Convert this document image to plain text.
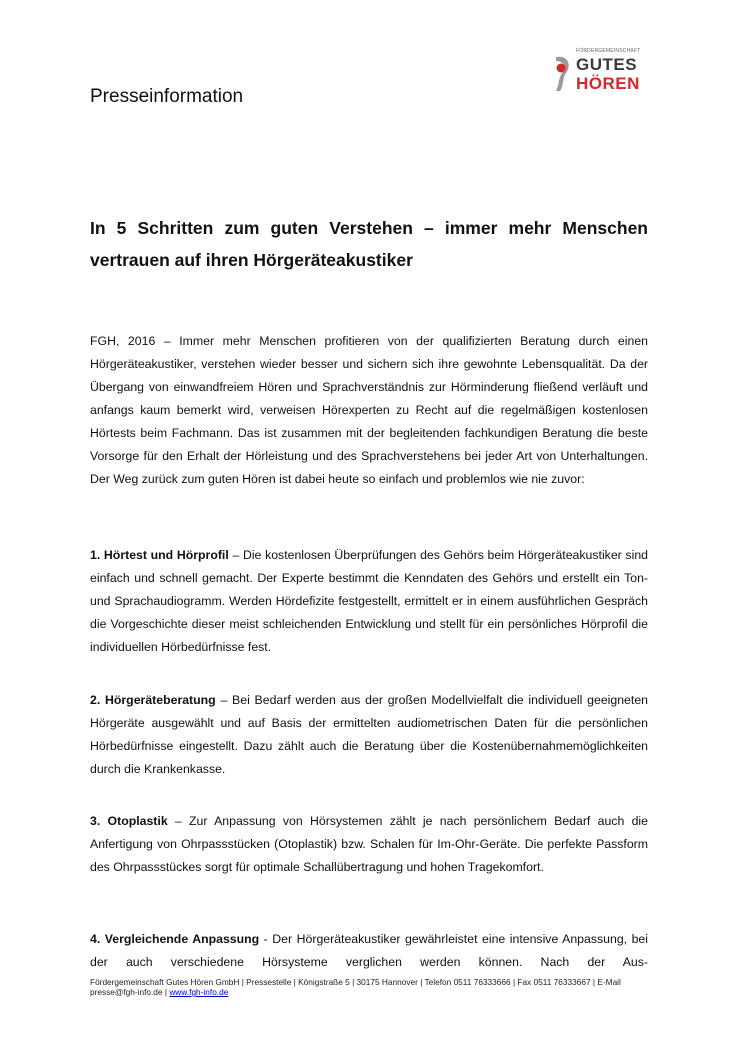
Presseinformation
FÖRDERGEMEINSCHAFT
GUTES
HÖREN
In 5 Schritten zum guten Verstehen – immer mehr Menschen vertrauen auf ihren Hörgeräteakustiker

FGH, 2016 – Immer mehr Menschen profitieren von der qualifizierten Beratung durch einen Hörgeräteakustiker, verstehen wieder besser und sichern sich ihre gewohnte Lebensqualität. Da der Übergang von einwandfreiem Hören und Sprachverständnis zur Hörminderung fließend verläuft und anfangs kaum bemerkt wird, verweisen Hörexperten zu Recht auf die regelmäßigen kostenlosen Hörtests beim Fachmann. Das ist zusammen mit der begleitenden fachkundigen Beratung die beste Vorsorge für den Erhalt der Hörleistung und des Sprachverstehens bei jeder Art von Unterhaltungen. Der Weg zurück zum guten Hören ist dabei heute so einfach und problemlos wie nie zuvor:

1. Hörtest und Hörprofil – Die kostenlosen Überprüfungen des Gehörs beim Hörgeräteakustiker sind einfach und schnell gemacht. Der Experte bestimmt die Kenndaten des Gehörs und erstellt ein Ton- und Sprachaudiogramm. Werden Hördefizite festgestellt, ermittelt er in einem ausführlichen Gespräch die Vorgeschichte dieser meist schleichenden Entwicklung und stellt für ein persönliches Hörprofil die individuellen Hörbedürfnisse fest.

2. Hörgeräteberatung – Bei Bedarf werden aus der großen Modellvielfalt die individuell geeigneten Hörgeräte ausgewählt und auf Basis der ermittelten audiometrischen Daten für die persönlichen Hörbedürfnisse eingestellt. Dazu zählt auch die Beratung über die Kostenübernahmemöglichkeiten durch die Krankenkasse.

3. Otoplastik – Zur Anpassung von Hörsystemen zählt je nach persönlichem Bedarf auch die Anfertigung von Ohrpassstücken (Otoplastik) bzw. Schalen für Im-Ohr-Geräte. Die perfekte Passform des Ohrpassstückes sorgt für optimale Schallübertragung und hohen Tragekomfort.

4. Vergleichende Anpassung - Der Hörgeräteakustiker gewährleistet eine intensive Anpassung, bei der auch verschiedene Hörsysteme verglichen werden können. Nach der Aus-

Fördergemeinschaft Gutes Hören GmbH | Pressestelle | Königstraße 5 | 30175 Hannover | Telefon 0511 76333666 | Fax 0511 76333667 | E-Mail presse@fgh-info.de | www.fgh-info.de
